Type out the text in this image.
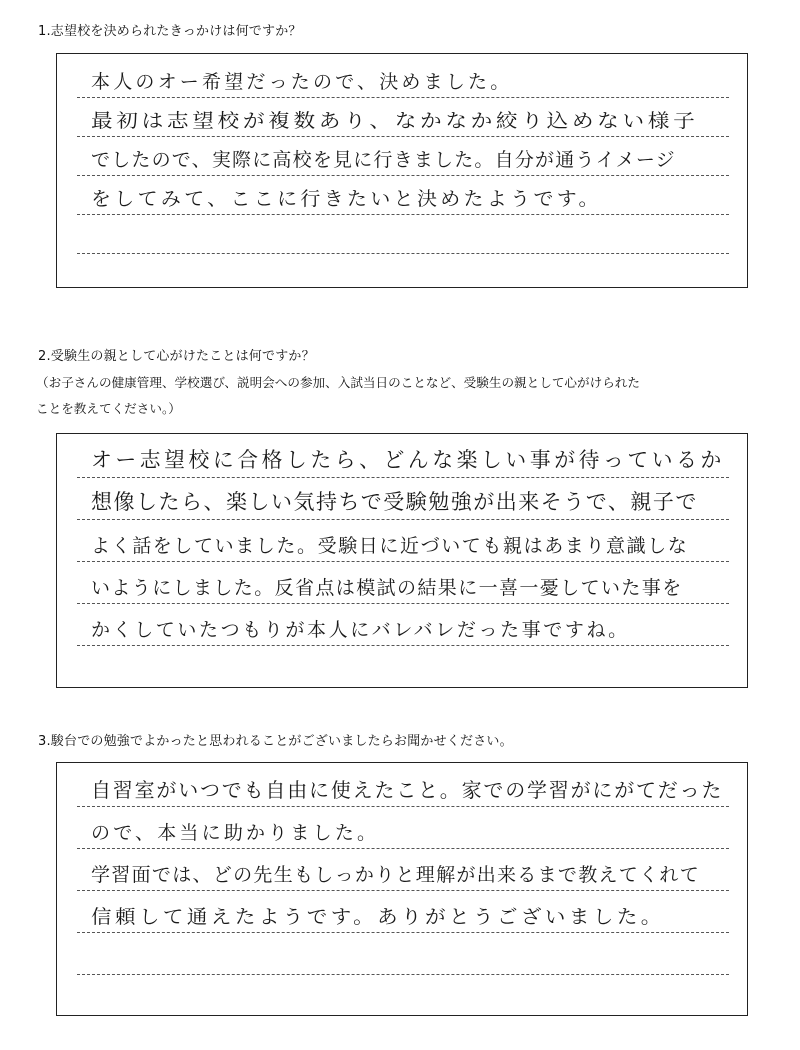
1.志望校を決められたきっかけは何ですか？
本人のオー希望だったので、決めました。
最初は志望校が複数あり、なかなか絞り込めない様子
でしたので、実際に高校を見に行きました。自分が通うイメージ
をしてみて、ここに行きたいと決めたようです。
2.受験生の親として心がけたことは何ですか？
（お子さんの健康管理、学校選び、説明会への参加、入試当日のことなど、受験生の親として心がけられた
ことを教えてください。）
オー志望校に合格したら、どんな楽しい事が待っているか
想像したら、楽しい気持ちで受験勉強が出来そうで、親子で
よく話をしていました。受験日に近づいても親はあまり意識しな
いようにしました。反省点は模試の結果に一喜一憂していた事を
かくしていたつもりが本人にバレバレだった事ですね。
3.駿台での勉強でよかったと思われることがございましたらお聞かせください。
自習室がいつでも自由に使えたこと。家での学習がにがてだった
ので、本当に助かりました。
学習面では、どの先生もしっかりと理解が出来るまで教えてくれて
信頼して通えたようです。ありがとうございました。
